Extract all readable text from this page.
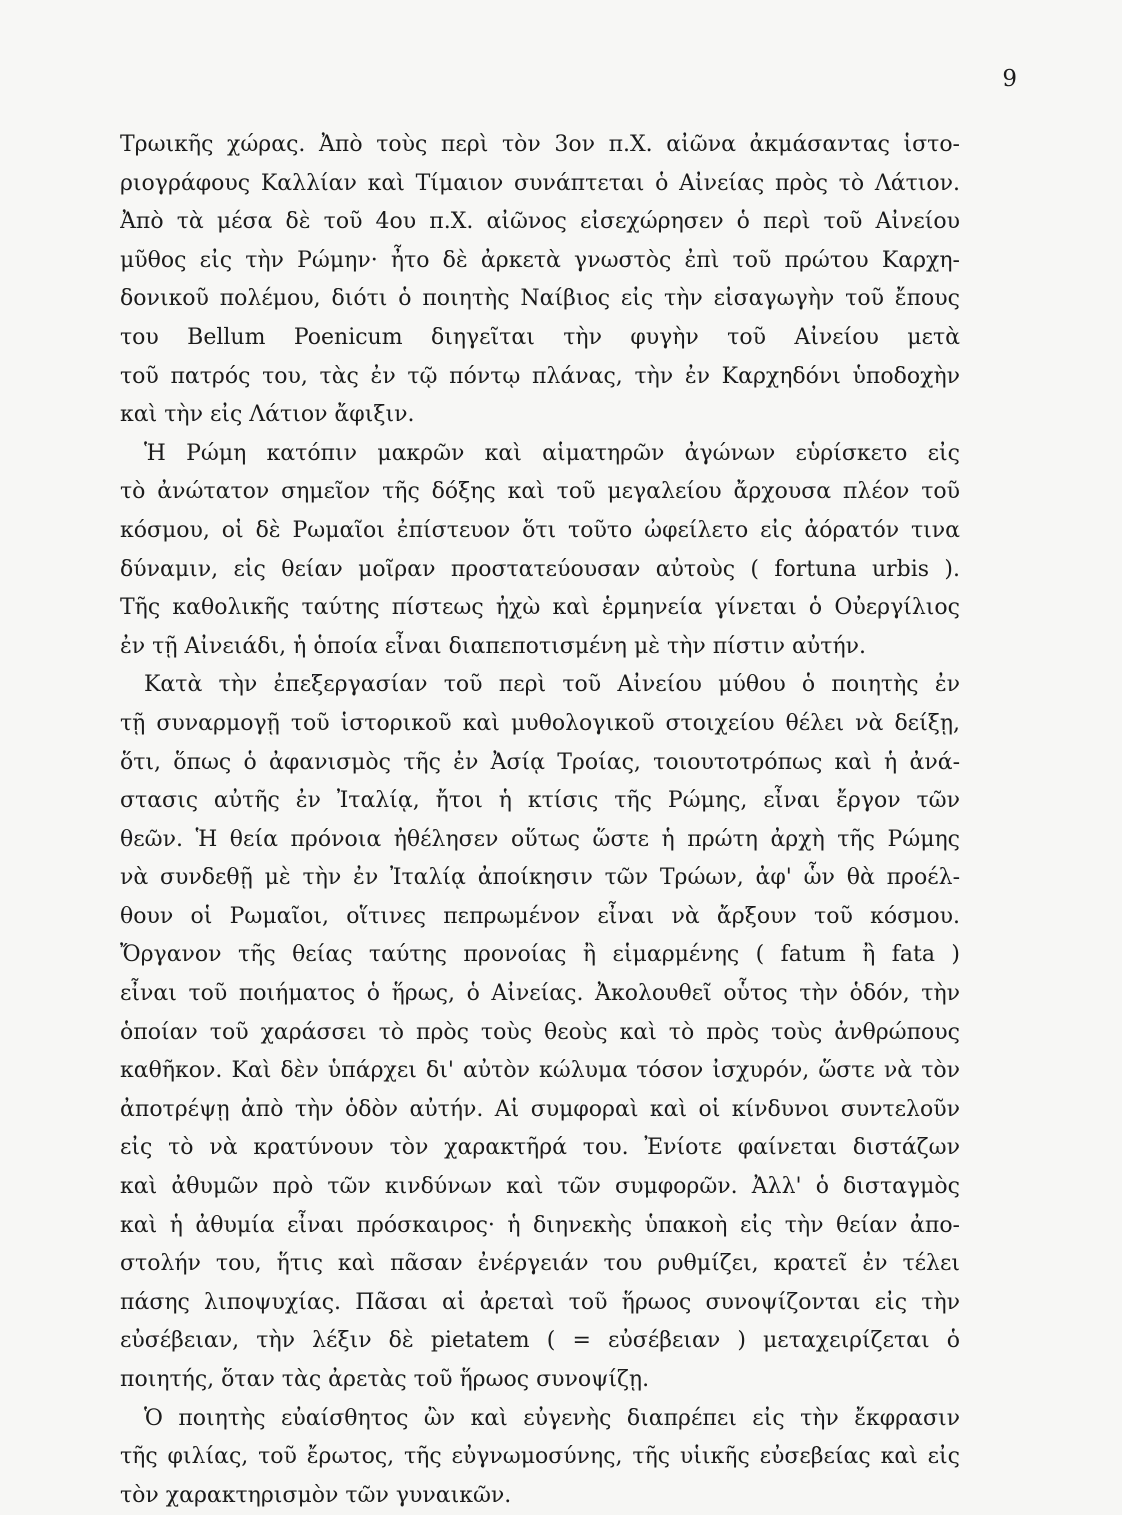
9
Τρωικῆς χώρας. Ἀπὸ τοὺς περὶ τὸν 3ον π.Χ. αἰῶνα ἀκμάσαντας ἱστο-
ριογράφους Καλλίαν καὶ Τίμαιον συνάπτεται ὁ Αἰνείας πρὸς τὸ Λάτιον.
Ἀπὸ τὰ μέσα δὲ τοῦ 4ου π.Χ. αἰῶνος εἰσεχώρησεν ὁ περὶ τοῦ Αἰνείου
μῦθος εἰς τὴν Ρώμην· ἦτο δὲ ἀρκετὰ γνωστὸς ἐπὶ τοῦ πρώτου Καρχη-
δονικοῦ πολέμου, διότι ὁ ποιητὴς Ναίβιος εἰς τὴν εἰσαγωγὴν τοῦ ἔπους
του Bellum Poenicum διηγεῖται τὴν φυγὴν τοῦ Αἰνείου μετὰ
τοῦ πατρός του, τὰς ἐν τῷ πόντῳ πλάνας, τὴν ἐν Καρχηδόνι ὑποδοχὴν
καὶ τὴν εἰς Λάτιον ἄφιξιν.
Ἡ Ρώμη κατόπιν μακρῶν καὶ αἱματηρῶν ἀγώνων εὑρίσκετο εἰς
τὸ ἀνώτατον σημεῖον τῆς δόξης καὶ τοῦ μεγαλείου ἄρχουσα πλέον τοῦ
κόσμου, οἱ δὲ Ρωμαῖοι ἐπίστευον ὅτι τοῦτο ὠφείλετο εἰς ἀόρατόν τινα
δύναμιν, εἰς θείαν μοῖραν προστατεύουσαν αὐτοὺς ( fortuna urbis ).
Τῆς καθολικῆς ταύτης πίστεως ἠχὼ καὶ ἑρμηνεία γίνεται ὁ Οὐεργίλιος
ἐν τῇ Αἰνειάδι, ἡ ὁποία εἶναι διαπεποτισμένη μὲ τὴν πίστιν αὐτήν.
Κατὰ τὴν ἐπεξεργασίαν τοῦ περὶ τοῦ Αἰνείου μύθου ὁ ποιητὴς ἐν
τῇ συναρμογῇ τοῦ ἱστορικοῦ καὶ μυθολογικοῦ στοιχείου θέλει νὰ δείξῃ,
ὅτι, ὅπως ὁ ἀφανισμὸς τῆς ἐν Ἀσίᾳ Τροίας, τοιουτοτρόπως καὶ ἡ ἀνά-
στασις αὐτῆς ἐν Ἰταλίᾳ, ἤτοι ἡ κτίσις τῆς Ρώμης, εἶναι ἔργον τῶν
θεῶν. Ἡ θεία πρόνοια ἠθέλησεν οὕτως ὥστε ἡ πρώτη ἀρχὴ τῆς Ρώμης
νὰ συνδεθῇ μὲ τὴν ἐν Ἰταλίᾳ ἀποίκησιν τῶν Τρώων, ἀφ' ὧν θὰ προέλ-
θουν οἱ Ρωμαῖοι, οἵτινες πεπρωμένον εἶναι νὰ ἄρξουν τοῦ κόσμου.
Ὄργανον τῆς θείας ταύτης προνοίας ἢ εἱμαρμένης ( fatum ἢ fata )
εἶναι τοῦ ποιήματος ὁ ἥρως, ὁ Αἰνείας. Ἀκολουθεῖ οὗτος τὴν ὁδόν, τὴν
ὁποίαν τοῦ χαράσσει τὸ πρὸς τοὺς θεοὺς καὶ τὸ πρὸς τοὺς ἀνθρώπους
καθῆκον. Καὶ δὲν ὑπάρχει δι' αὐτὸν κώλυμα τόσον ἰσχυρόν, ὥστε νὰ τὸν
ἀποτρέψῃ ἀπὸ τὴν ὁδὸν αὐτήν. Αἱ συμφοραὶ καὶ οἱ κίνδυνοι συντελοῦν
εἰς τὸ νὰ κρατύνουν τὸν χαρακτῆρά του. Ἐνίοτε φαίνεται διστάζων
καὶ ἀθυμῶν πρὸ τῶν κινδύνων καὶ τῶν συμφορῶν. Ἀλλ' ὁ δισταγμὸς
καὶ ἡ ἀθυμία εἶναι πρόσκαιρος· ἡ διηνεκὴς ὑπακοὴ εἰς τὴν θείαν ἀπο-
στολήν του, ἥτις καὶ πᾶσαν ἐνέργειάν του ρυθμίζει, κρατεῖ ἐν τέλει
πάσης λιποψυχίας. Πᾶσαι αἱ ἀρεταὶ τοῦ ἥρωος συνοψίζονται εἰς τὴν
εὐσέβειαν, τὴν λέξιν δὲ pietatem ( = εὐσέβειαν ) μεταχειρίζεται ὁ
ποιητής, ὅταν τὰς ἀρετὰς τοῦ ἥρωος συνοψίζῃ.
Ὁ ποιητὴς εὐαίσθητος ὢν καὶ εὐγενὴς διαπρέπει εἰς τὴν ἔκφρασιν
τῆς φιλίας, τοῦ ἔρωτος, τῆς εὐγνωμοσύνης, τῆς υἱικῆς εὐσεβείας καὶ εἰς
τὸν χαρακτηρισμὸν τῶν γυναικῶν.
